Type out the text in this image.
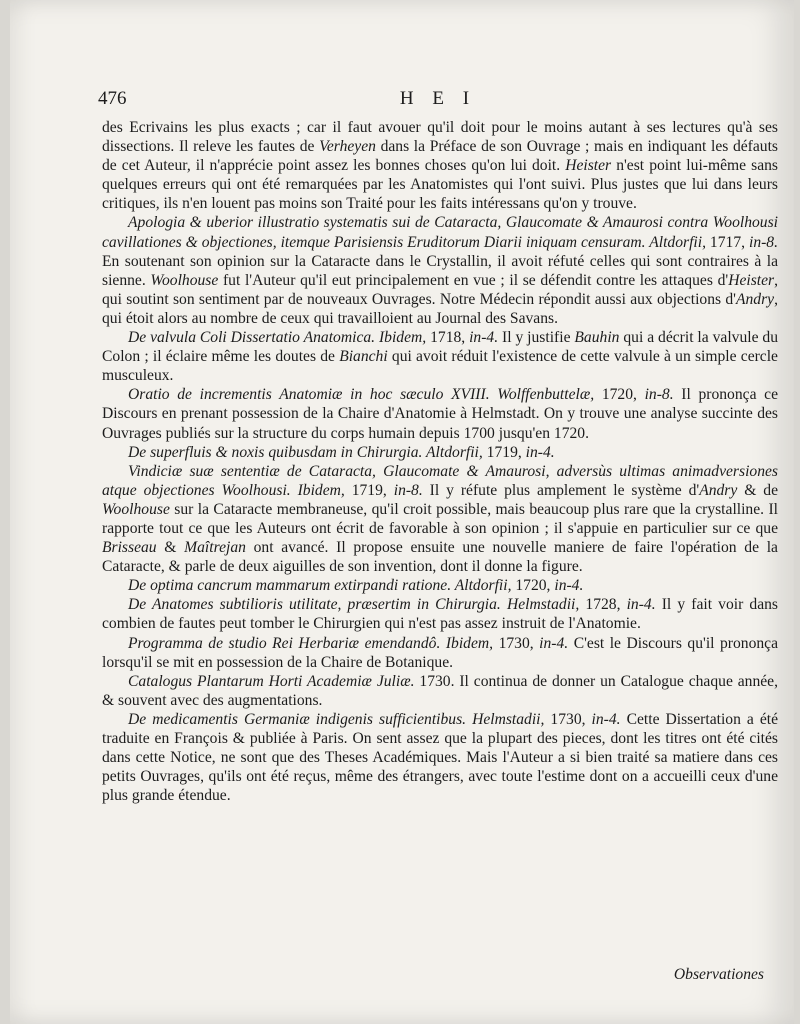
476	H E I

des Ecrivains les plus exacts ; car il faut avouer qu'il doit pour le moins autant à ses lectures qu'à ses dissections. Il releve les fautes de Verheyen dans la Préface de son Ouvrage ; mais en indiquant les défauts de cet Auteur, il n'apprécie point assez les bonnes choses qu'on lui doit. Heister n'est point lui-même sans quelques erreurs qui ont été remarquées par les Anatomistes qui l'ont suivi. Plus justes que lui dans leurs critiques, ils n'en louent pas moins son Traité pour les faits intéressans qu'on y trouve.

Apologia & uberior illustratio systematis sui de Cataracta, Glaucomate & Amaurosi contra Woolhousi cavillationes & objectiones, itemque Parisiensis Eruditorum Diarii iniquam censuram. Altdorfii, 1717, in-8. En soutenant son opinion sur la Cataracte dans le Crystallin, il avoit réfuté celles qui sont contraires à la sienne. Woolhouse fut l'Auteur qu'il eut principalement en vue ; il se défendit contre les attaques d'Heister, qui soutint son sentiment par de nouveaux Ouvrages. Notre Médecin répondit aussi aux objections d'Andry, qui étoit alors au nombre de ceux qui travailloient au Journal des Savans.

De valvula Coli Dissertatio Anatomica. Ibidem, 1718, in-4. Il y justifie Bauhin qui a décrit la valvule du Colon ; il éclaire même les doutes de Bianchi qui avoit réduit l'existence de cette valvule à un simple cercle musculeux.

Oratio de incrementis Anatomiæ in hoc sæculo XVIII. Wolffenbuttelæ, 1720, in-8. Il prononça ce Discours en prenant possession de la Chaire d'Anatomie à Helmstadt. On y trouve une analyse succinte des Ouvrages publiés sur la structure du corps humain depuis 1700 jusqu'en 1720.

De superfluis & noxis quibusdam in Chirurgia. Altdorfii, 1719, in-4.

Vindiciæ suæ sententiæ de Cataracta, Glaucomate & Amaurosi, adversùs ultimas animadversiones atque objectiones Woolhousi. Ibidem, 1719, in-8. Il y réfute plus amplement le système d'Andry & de Woolhouse sur la Cataracte membraneuse, qu'il croit possible, mais beaucoup plus rare que la crystalline. Il rapporte tout ce que les Auteurs ont écrit de favorable à son opinion ; il s'appuie en particulier sur ce que Brisseau & Maîtrejan ont avancé. Il propose ensuite une nouvelle maniere de faire l'opération de la Cataracte, & parle de deux aiguilles de son invention, dont il donne la figure.

De optima cancrum mammarum extirpandi ratione. Altdorfii, 1720, in-4.

De Anatomes subtilioris utilitate, præsertim in Chirurgia. Helmstadii, 1728, in-4. Il y fait voir dans combien de fautes peut tomber le Chirurgien qui n'est pas assez instruit de l'Anatomie.

Programma de studio Rei Herbariæ emendandô. Ibidem, 1730, in-4. C'est le Discours qu'il prononça lorsqu'il se mit en possession de la Chaire de Botanique.

Catalogus Plantarum Horti Academiæ Juliæ. 1730. Il continua de donner un Catalogue chaque année, & souvent avec des augmentations.

De medicamentis Germaniæ indigenis sufficientibus. Helmstadii, 1730, in-4. Cette Dissertation a été traduite en François & publiée à Paris. On sent assez que la plupart des pieces, dont les titres ont été cités dans cette Notice, ne sont que des Theses Académiques. Mais l'Auteur a si bien traité sa matiere dans ces petits Ouvrages, qu'ils ont été reçus, même des étrangers, avec toute l'estime dont on a accueilli ceux d'une plus grande étendue.

Observationes
